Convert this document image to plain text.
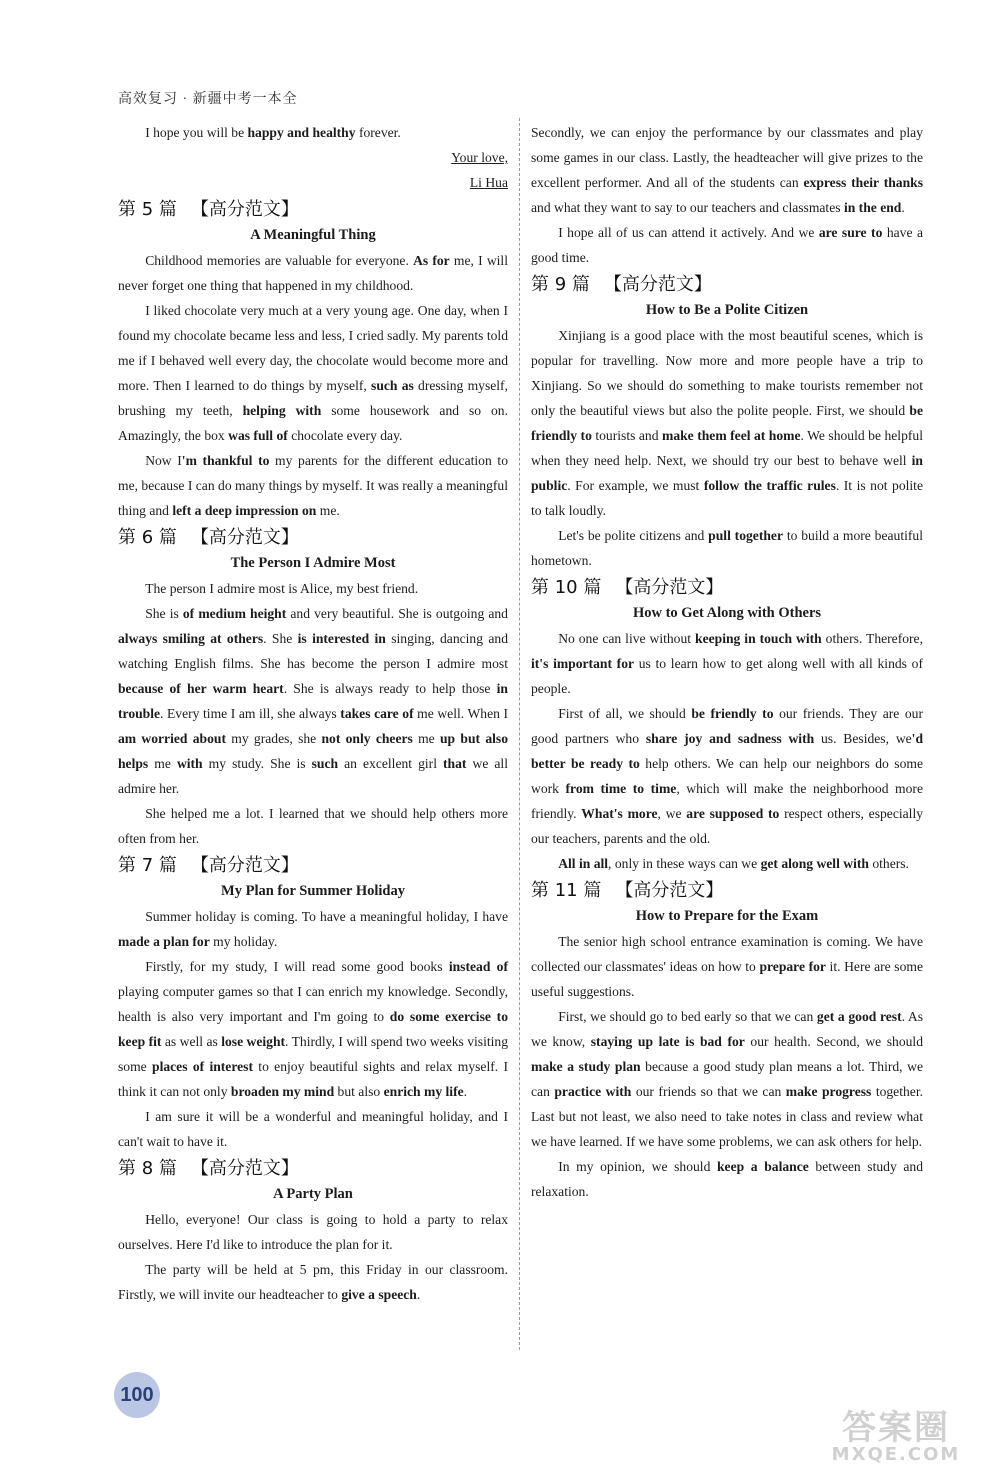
高效复习 · 新疆中考一本全

I hope you will be happy and healthy forever.

Your love,

Li Hua

第 5 篇 【高分范文】
A Meaningful Thing

Childhood memories are valuable for everyone. As for me, I will never forget one thing that happened in my childhood.

I liked chocolate very much at a very young age. One day, when I found my chocolate became less and less, I cried sadly. My parents told me if I behaved well every day, the chocolate would become more and more. Then I learned to do things by myself, such as dressing myself, brushing my teeth, helping with some housework and so on. Amazingly, the box was full of chocolate every day.

Now I'm thankful to my parents for the different education to me, because I can do many things by myself. It was really a meaningful thing and left a deep impression on me.

第 6 篇 【高分范文】
The Person I Admire Most

The person I admire most is Alice, my best friend.

She is of medium height and very beautiful. She is outgoing and always smiling at others. She is interested in singing, dancing and watching English films. She has become the person I admire most because of her warm heart. She is always ready to help those in trouble. Every time I am ill, she always takes care of me well. When I am worried about my grades, she not only cheers me up but also helps me with my study. She is such an excellent girl that we all admire her.

She helped me a lot. I learned that we should help others more often from her.

第 7 篇 【高分范文】
My Plan for Summer Holiday

Summer holiday is coming. To have a meaningful holiday, I have made a plan for my holiday.

Firstly, for my study, I will read some good books instead of playing computer games so that I can enrich my knowledge. Secondly, health is also very important and I'm going to do some exercise to keep fit as well as lose weight. Thirdly, I will spend two weeks visiting some places of interest to enjoy beautiful sights and relax myself. I think it can not only broaden my mind but also enrich my life.

I am sure it will be a wonderful and meaningful holiday, and I can't wait to have it.

第 8 篇 【高分范文】
A Party Plan

Hello, everyone! Our class is going to hold a party to relax ourselves. Here I'd like to introduce the plan for it.

The party will be held at 5 pm, this Friday in our classroom. Firstly, we will invite our headteacher to give a speech.

Secondly, we can enjoy the performance by our classmates and play some games in our class. Lastly, the headteacher will give prizes to the excellent performer. And all of the students can express their thanks and what they want to say to our teachers and classmates in the end.

I hope all of us can attend it actively. And we are sure to have a good time.

第 9 篇 【高分范文】
How to Be a Polite Citizen

Xinjiang is a good place with the most beautiful scenes, which is popular for travelling. Now more and more people have a trip to Xinjiang. So we should do something to make tourists remember not only the beautiful views but also the polite people. First, we should be friendly to tourists and make them feel at home. We should be helpful when they need help. Next, we should try our best to behave well in public. For example, we must follow the traffic rules. It is not polite to talk loudly.

Let's be polite citizens and pull together to build a more beautiful hometown.

第 10 篇 【高分范文】
How to Get Along with Others

No one can live without keeping in touch with others. Therefore, it's important for us to learn how to get along well with all kinds of people.

First of all, we should be friendly to our friends. They are our good partners who share joy and sadness with us. Besides, we'd better be ready to help others. We can help our neighbors do some work from time to time, which will make the neighborhood more friendly. What's more, we are supposed to respect others, especially our teachers, parents and the old.

All in all, only in these ways can we get along well with others.

第 11 篇 【高分范文】
How to Prepare for the Exam

The senior high school entrance examination is coming. We have collected our classmates' ideas on how to prepare for it. Here are some useful suggestions.

First, we should go to bed early so that we can get a good rest. As we know, staying up late is bad for our health. Second, we should make a study plan because a good study plan means a lot. Third, we can practice with our friends so that we can make progress together. Last but not least, we also need to take notes in class and review what we have learned. If we have some problems, we can ask others for help.

In my opinion, we should keep a balance between study and relaxation.

100
答案圈
MXQE.COM
